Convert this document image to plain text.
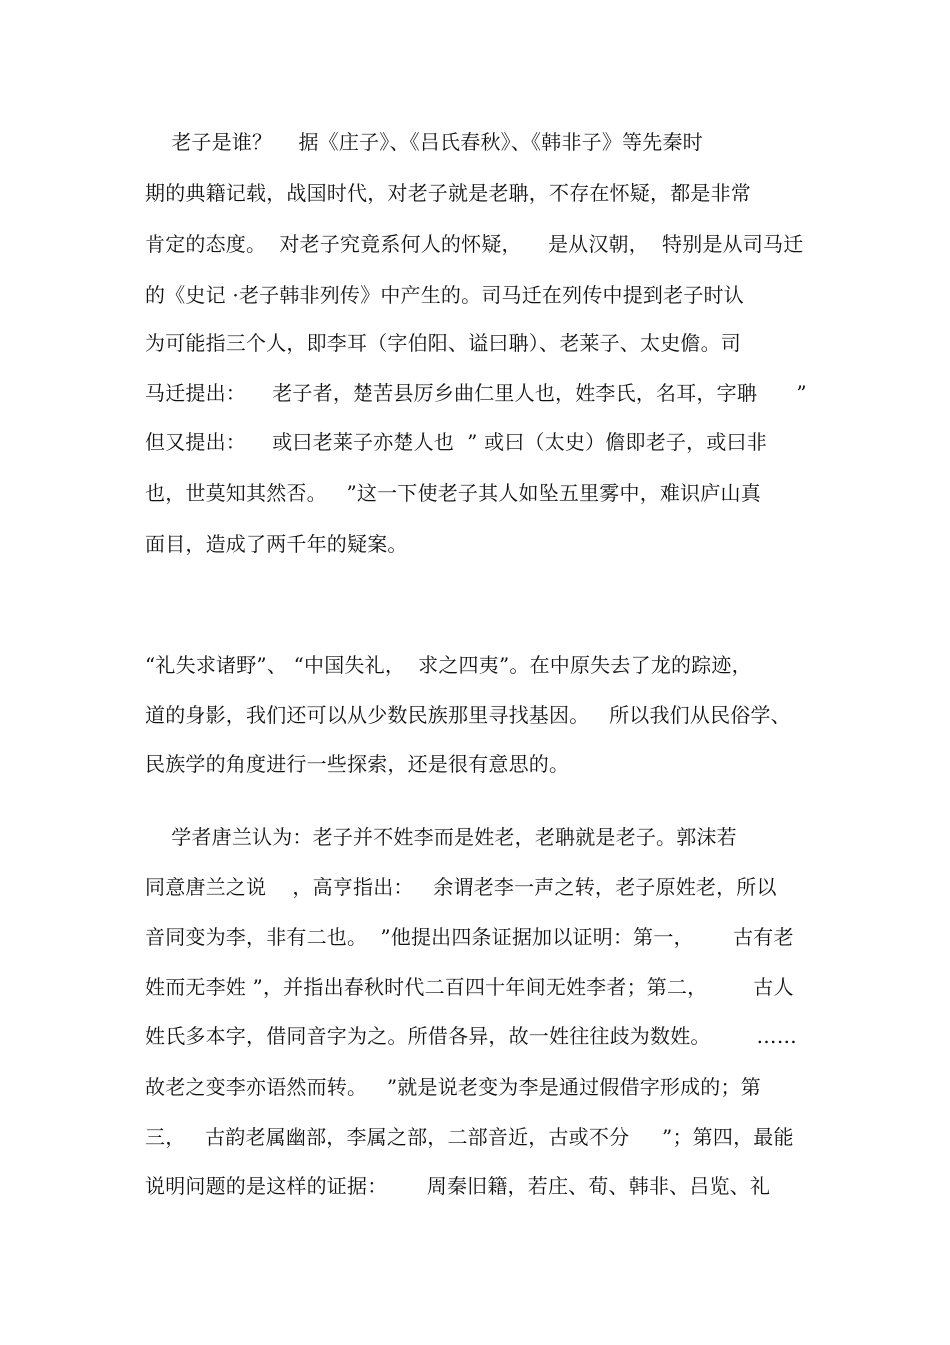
老子是谁？    据《庄子》、《吕氏春秋》、《韩非子》等先秦时
期的典籍记载，战国时代，对老子就是老聃，不存在怀疑，都是非常
肯定的态度。  对老子究竟系何人的怀疑，    是从汉朝，  特别是从司马迁
的《史记 ·老子韩非列传》中产生的。司马迁在列传中提到老子时认
为可能指三个人，即李耳（字伯阳、谥曰聃）、老莱子、太史儋。司
马迁提出：    老子者，楚苦县厉乡曲仁里人也，姓李氏，名耳，字聃      ”
但又提出：    或曰老莱子亦楚人也  ” 或曰（太史）儋即老子，或曰非
也，世莫知其然否。   ”这一下使老子其人如坠五里雾中，难识庐山真
面目，造成了两千年的疑案。
“礼失求诸野”、 “中国失礼，  求之四夷”。在中原失去了龙的踪迹，
道的身影，我们还可以从少数民族那里寻找基因。   所以我们从民俗学、
民族学的角度进行一些探索，还是很有意思的。
学者唐兰认为：老子并不姓李而是姓老，老聃就是老子。郭沫若
同意唐兰之说    ，高亨指出：   余谓老李一声之转，老子原姓老，所以
音同变为李，非有二也。  ”他提出四条证据加以证明：第一，      古有老
姓而无李姓 ”，并指出春秋时代二百四十年间无姓李者；第二，       古人
姓氏多本字，借同音字为之。所借各异，故一姓往往歧为数姓。       ……
故老之变李亦语然而转。   ”就是说老变为李是通过假借字形成的；第
三，   古韵老属幽部，李属之部，二部音近，古或不分     ”；第四，最能
说明问题的是这样的证据：      周秦旧籍，若庄、荀、韩非、吕览、礼
